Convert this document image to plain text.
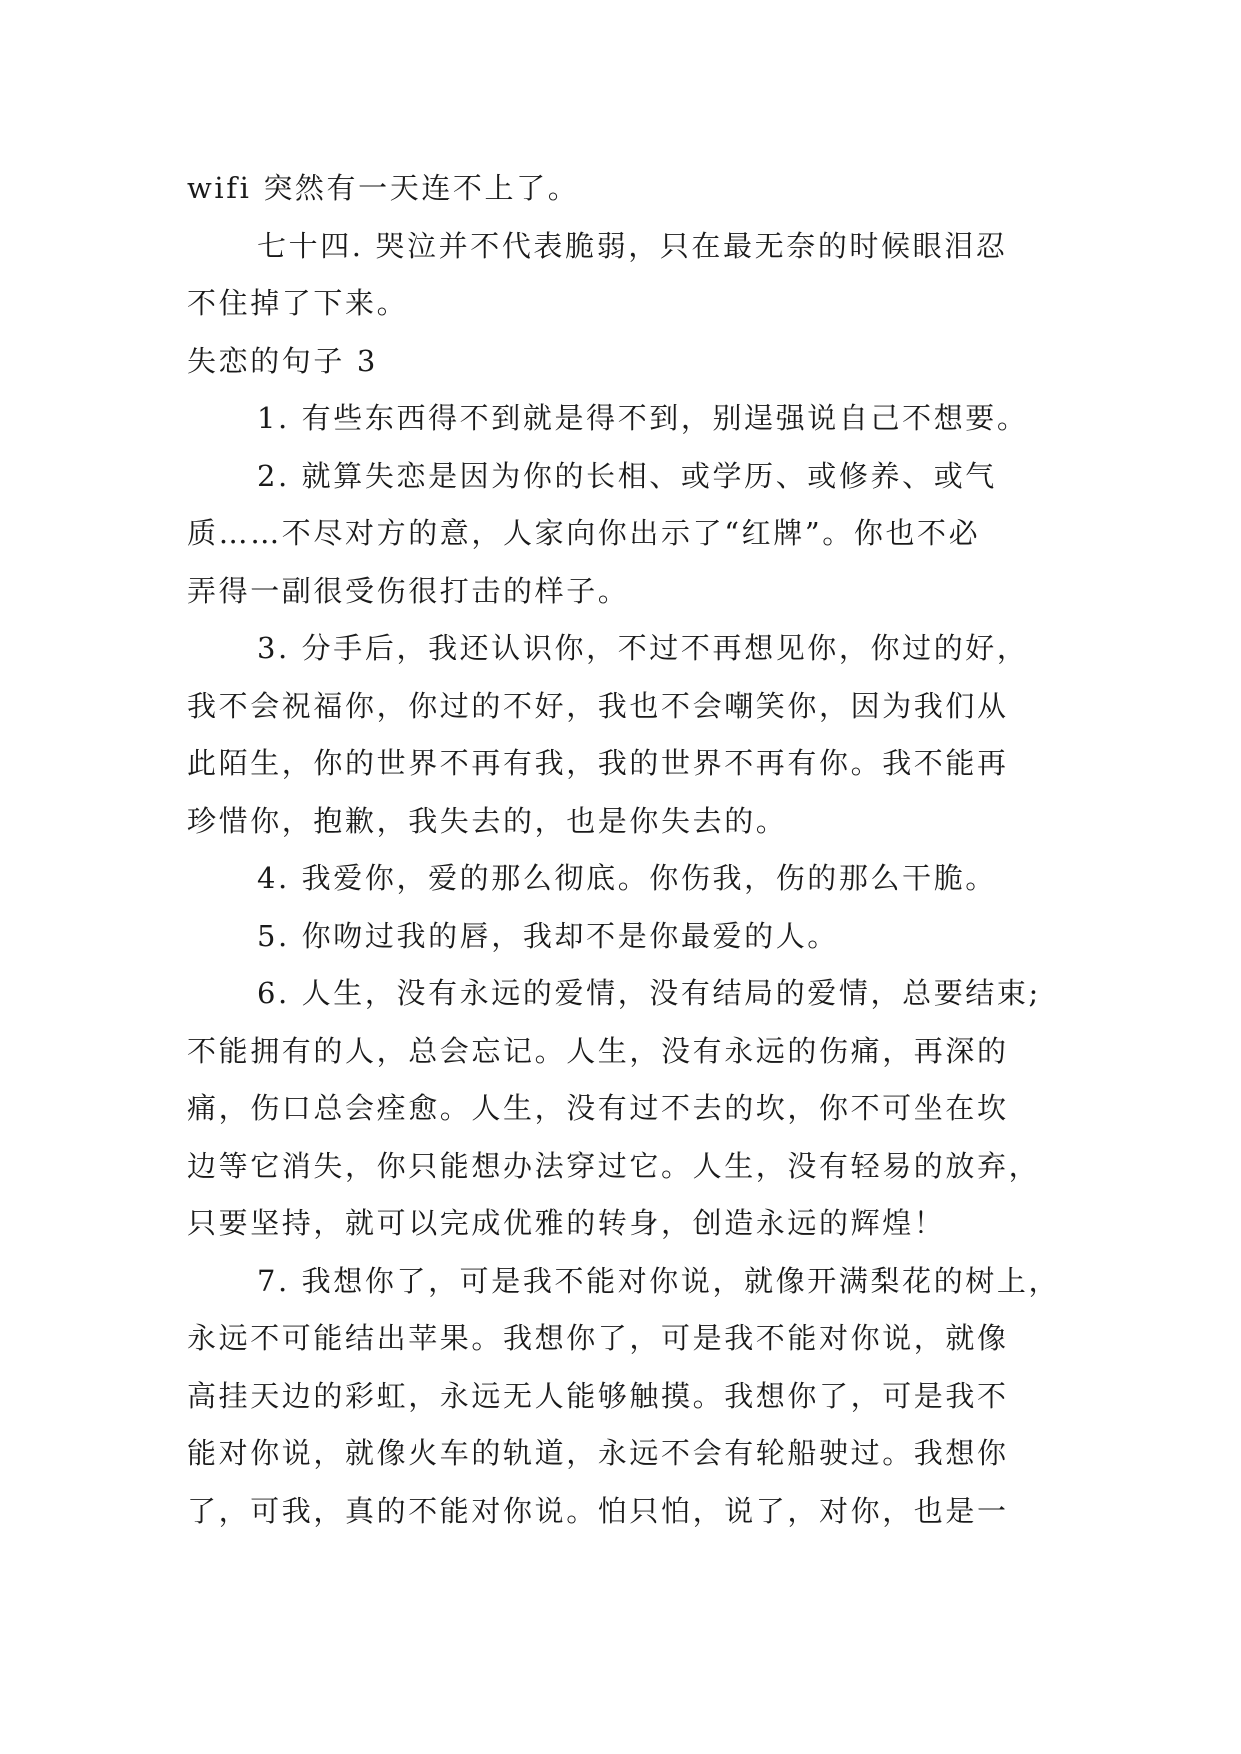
wifi 突然有一天连不上了。
七十四. 哭泣并不代表脆弱，只在最无奈的时候眼泪忍
不住掉了下来。
失恋的句子 3
1. 有些东西得不到就是得不到，别逞强说自己不想要。
2. 就算失恋是因为你的长相、或学历、或修养、或气
质……不尽对方的意，人家向你出示了“红牌”。你也不必
弄得一副很受伤很打击的样子。
3. 分手后，我还认识你，不过不再想见你，你过的好，
我不会祝福你，你过的不好，我也不会嘲笑你，因为我们从
此陌生，你的世界不再有我，我的世界不再有你。我不能再
珍惜你，抱歉，我失去的，也是你失去的。
4. 我爱你，爱的那么彻底。你伤我，伤的那么干脆。
5. 你吻过我的唇，我却不是你最爱的人。
6. 人生，没有永远的爱情，没有结局的爱情，总要结束;
不能拥有的人，总会忘记。人生，没有永远的伤痛，再深的
痛，伤口总会痊愈。人生，没有过不去的坎，你不可坐在坎
边等它消失，你只能想办法穿过它。人生，没有轻易的放弃，
只要坚持，就可以完成优雅的转身，创造永远的辉煌！
7. 我想你了，可是我不能对你说，就像开满梨花的树上，
永远不可能结出苹果。我想你了，可是我不能对你说，就像
高挂天边的彩虹，永远无人能够触摸。我想你了，可是我不
能对你说，就像火车的轨道，永远不会有轮船驶过。我想你
了，可我，真的不能对你说。怕只怕，说了，对你，也是一
